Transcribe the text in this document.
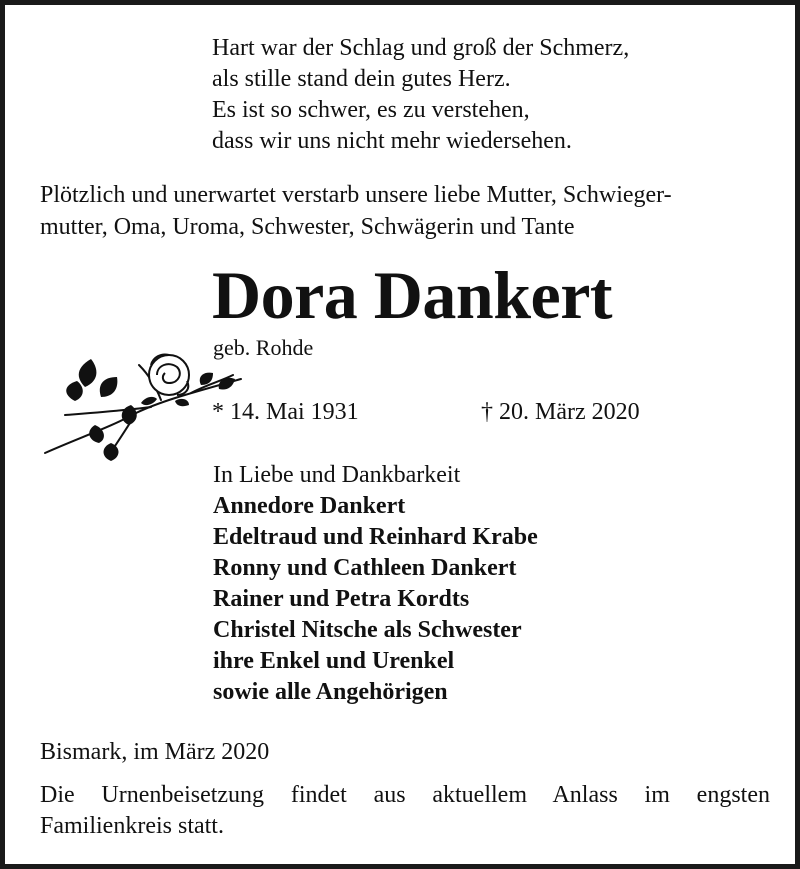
Hart war der Schlag und groß der Schmerz,
als stille stand dein gutes Herz.
Es ist so schwer, es zu verstehen,
dass wir uns nicht mehr wiedersehen.
Plötzlich und unerwartet verstarb unsere liebe Mutter, Schwieger-
mutter, Oma, Uroma, Schwester, Schwägerin und Tante
Dora Dankert
geb. Rohde
* 14. Mai 1931	† 20. März 2020
In Liebe und Dankbarkeit
Annedore Dankert
Edeltraud und Reinhard Krabe
Ronny und Cathleen Dankert
Rainer und Petra Kordts
Christel Nitsche als Schwester
ihre Enkel und Urenkel
sowie alle Angehörigen
Bismark, im März 2020
Die Urnenbeisetzung findet aus aktuellem Anlass im engsten
Familienkreis statt.
